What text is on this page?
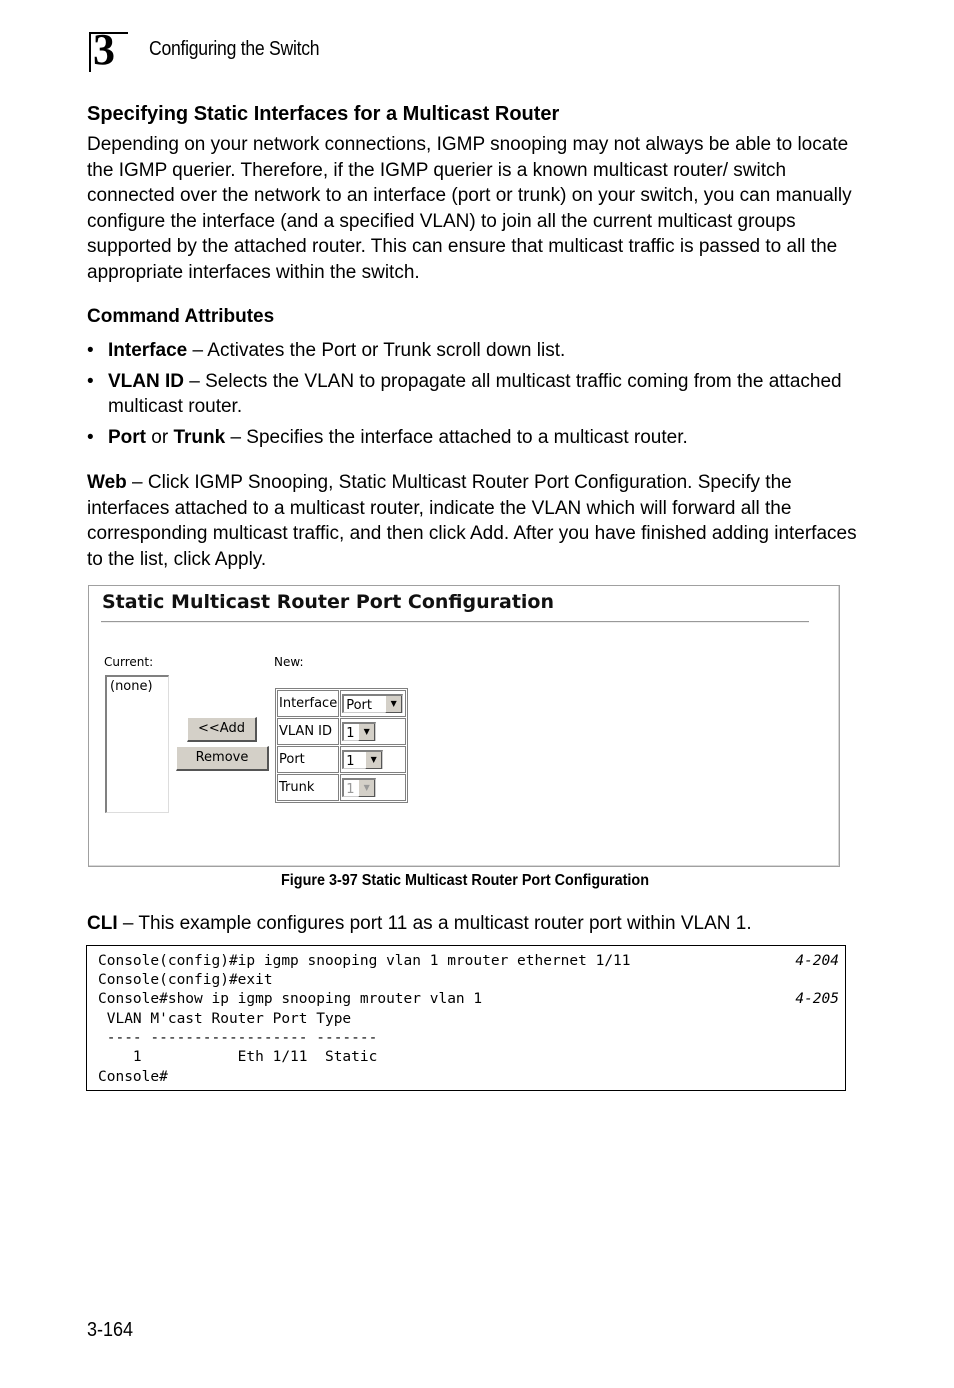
3 Configuring the Switch
Specifying Static Interfaces for a Multicast Router

Depending on your network connections, IGMP snooping may not always be able to locate the IGMP querier. Therefore, if the IGMP querier is a known multicast router/ switch connected over the network to an interface (port or trunk) on your switch, you can manually configure the interface (and a specified VLAN) to join all the current multicast groups supported by the attached router. This can ensure that multicast traffic is passed to all the appropriate interfaces within the switch.

Command Attributes
• Interface – Activates the Port or Trunk scroll down list.
• VLAN ID – Selects the VLAN to propagate all multicast traffic coming from the attached multicast router.
• Port or Trunk – Specifies the interface attached to a multicast router.

Web – Click IGMP Snooping, Static Multicast Router Port Configuration. Specify the interfaces attached to a multicast router, indicate the VLAN which will forward all the corresponding multicast traffic, and then click Add. After you have finished adding interfaces to the list, click Apply.

Static Multicast Router Port Configuration
Current:	New:
(none)
<<Add
Remove
Interface	Port ▼

VLAN ID	1 ▼

Port	1 ▼

Trunk	1 ▼
Figure 3-97 Static Multicast Router Port Configuration

CLI – This example configures port 11 as a multicast router port within VLAN 1.

Console(config)#ip igmp snooping vlan 1 mrouter ethernet 1/11	4-204
Console(config)#exit
Console#show ip igmp snooping mrouter vlan 1	4-205
VLAN M'cast Router Port Type
---- ------------------ -------
1           Eth 1/11  Static
Console#
3-164
